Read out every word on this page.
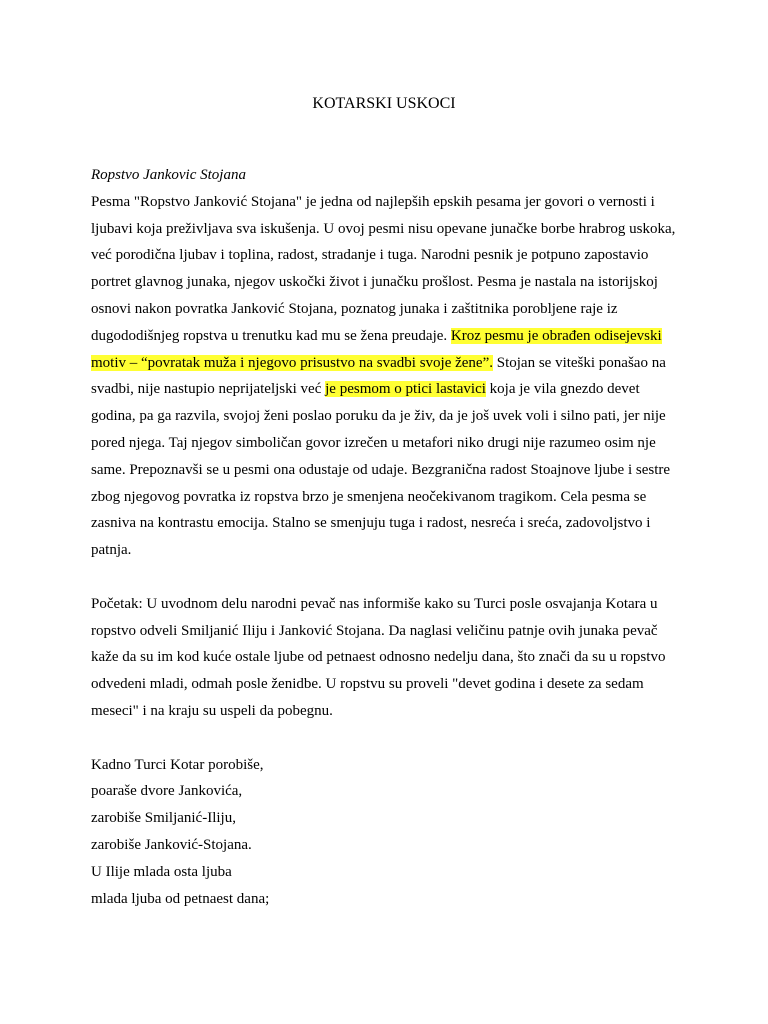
KOTARSKI USKOCI

Ropstvo Jankovic Stojana

Pesma "Ropstvo Janković Stojana" je jedna od najlepših epskih pesama jer govori o vernosti i ljubavi koja preživljava sva iskušenja. U ovoj pesmi nisu opevane junačke borbe hrabrog uskoka, već porodična ljubav i toplina, radost, stradanje i tuga. Narodni pesnik je potpuno zapostavio portret glavnog junaka, njegov uskočki život i junačku prošlost. Pesma je nastala na istorijskoj osnovi nakon povratka Janković Stojana, poznatog junaka i zaštitnika porobljene raje iz dugododišnjeg ropstva u trenutku kad mu se žena preudaje. Kroz pesmu je obrađen odisejevski motiv – “povratak muža i njegovo prisustvo na svadbi svoje žene”. Stojan se viteški ponašao na svadbi, nije nastupio neprijateljski već je pesmom o ptici lastavici koja je vila gnezdo devet godina, pa ga razvila, svojoj ženi poslao poruku da je živ, da je još uvek voli i silno pati, jer nije pored njega. Taj njegov simboličan govor izrečen u metafori niko drugi nije razumeo osim nje same. Prepoznavši se u pesmi ona odustaje od udaje. Bezgranična radost Stoajnove ljube i sestre zbog njegovog povratka iz ropstva brzo je smenjena neočekivanom tragikom. Cela pesma se zasniva na kontrastu emocija. Stalno se smenjuju tuga i radost, nesreća i sreća, zadovoljstvo i patnja.

Početak: U uvodnom delu narodni pevač nas informiše kako su Turci posle osvajanja Kotara u ropstvo odveli Smiljanić Iliju i Janković Stojana. Da naglasi veličinu patnje ovih junaka pevač kaže da su im kod kuće ostale ljube od petnaest odnosno nedelju dana, što znači da su u ropstvo odvedeni mladi, odmah posle ženidbe. U ropstvu su proveli "devet godina i desete za sedam meseci" i na kraju su uspeli da pobegnu.

Kadno Turci Kotar porobiše,
poaraše dvore Jankovića,
zarobiše Smiljanić-Iliju,
zarobiše Janković-Stojana.
U Ilije mlada osta ljuba
mlada ljuba od petnaest dana;
